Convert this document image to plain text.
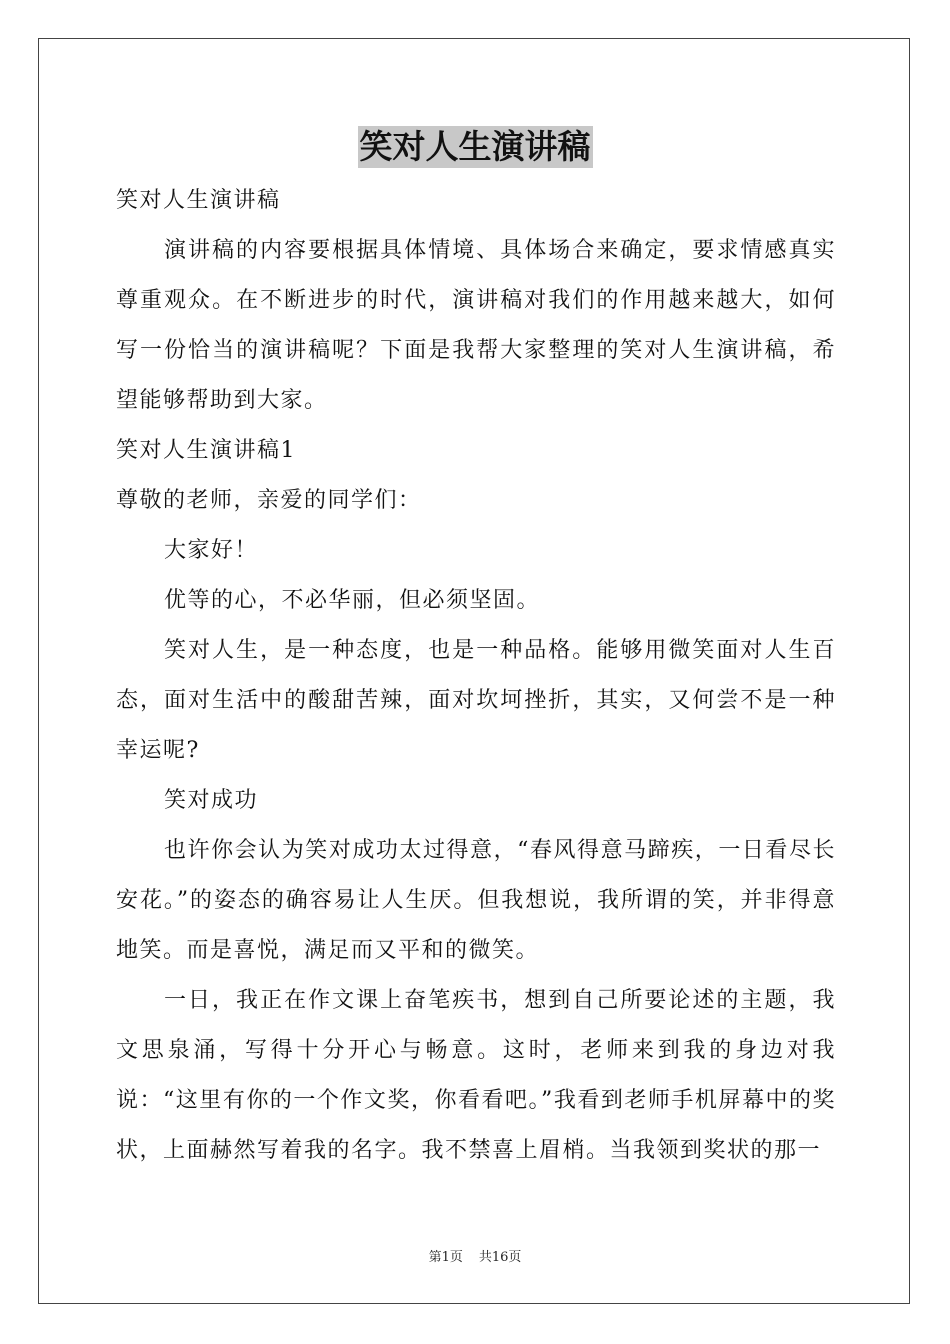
笑对人生演讲稿

笑对人生演讲稿

演讲稿的内容要根据具体情境、具体场合来确定，要求情感真实尊重观众。在不断进步的时代，演讲稿对我们的作用越来越大，如何写一份恰当的演讲稿呢？下面是我帮大家整理的笑对人生演讲稿，希望能够帮助到大家。

笑对人生演讲稿1

尊敬的老师，亲爱的同学们：

大家好！

优等的心，不必华丽，但必须坚固。

笑对人生，是一种态度，也是一种品格。能够用微笑面对人生百态，面对生活中的酸甜苦辣，面对坎坷挫折，其实，又何尝不是一种幸运呢?

笑对成功

也许你会认为笑对成功太过得意，“春风得意马蹄疾，一日看尽长安花。”的姿态的确容易让人生厌。但我想说，我所谓的笑，并非得意地笑。而是喜悦，满足而又平和的微笑。

一日，我正在作文课上奋笔疾书，想到自己所要论述的主题，我文思泉涌，写得十分开心与畅意。这时，老师来到我的身边对我说：“这里有你的一个作文奖，你看看吧。”我看到老师手机屏幕中的奖状，上面赫然写着我的名字。我不禁喜上眉梢。当我领到奖状的那一

第1页 共16页
